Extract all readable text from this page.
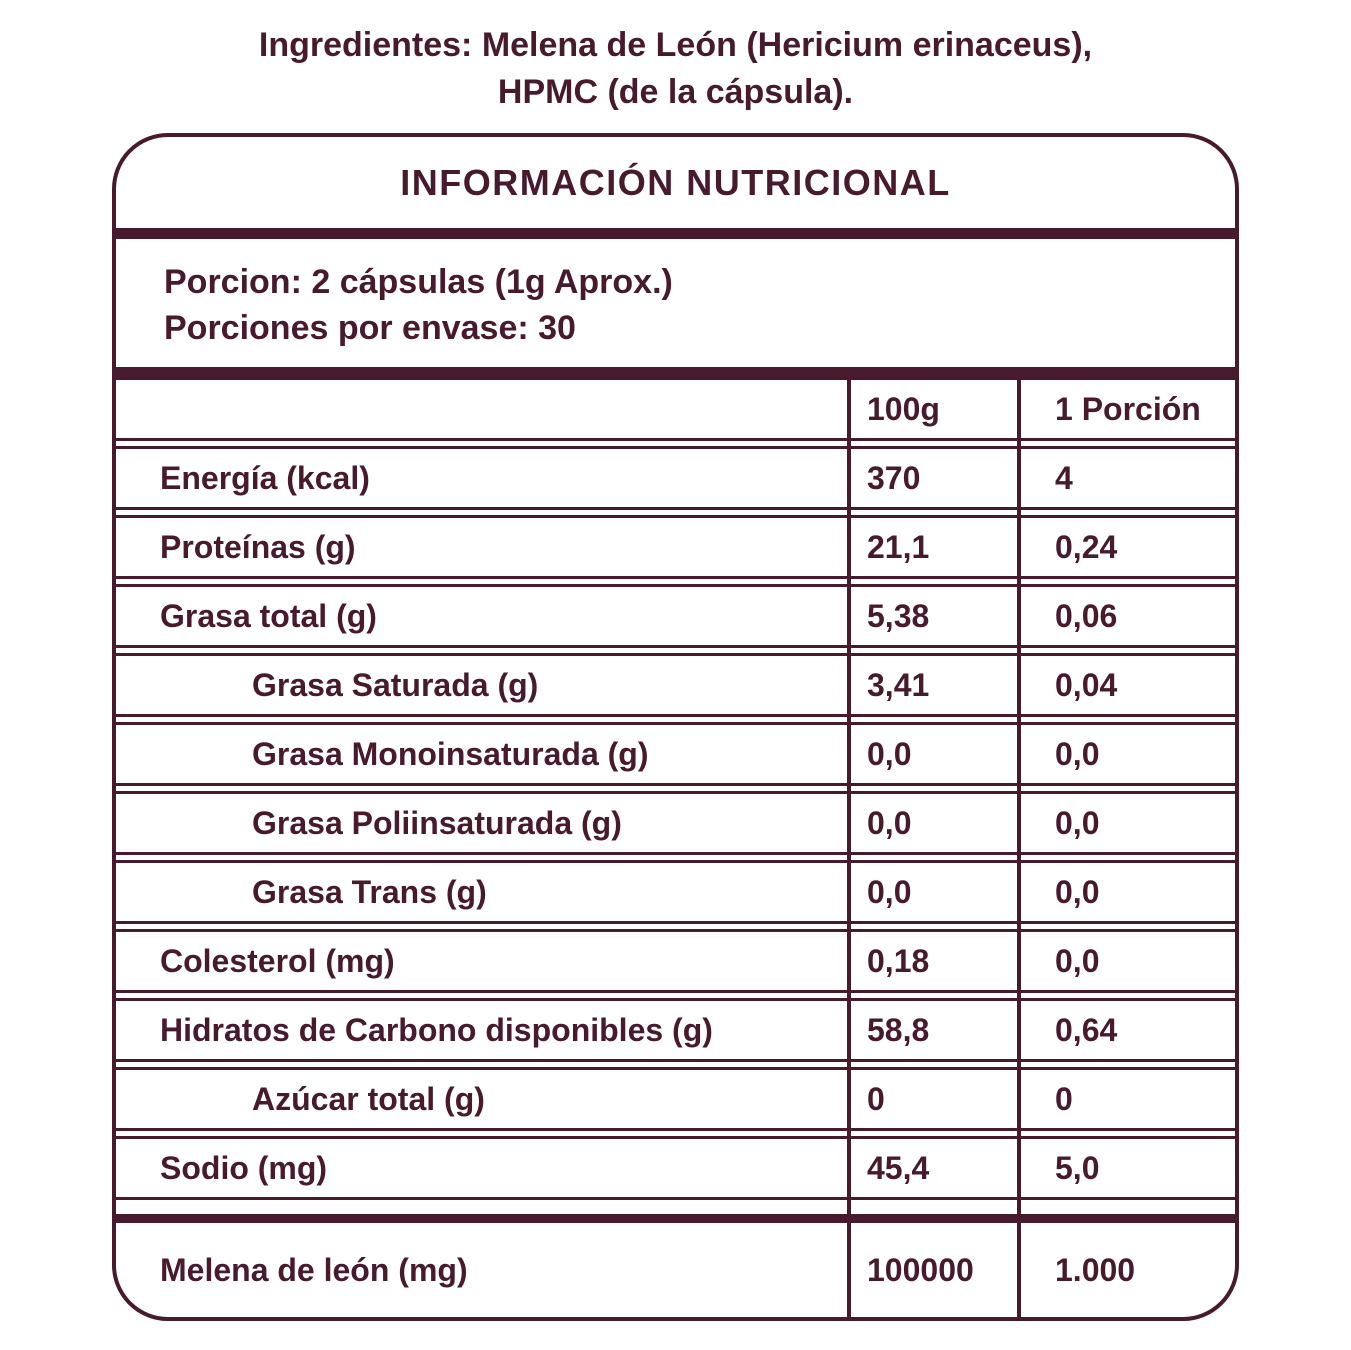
Ingredientes: Melena de León (Hericium erinaceus),
HPMC (de la cápsula).
INFORMACIÓN NUTRICIONAL
Porcion: 2 cápsulas (1g Aprox.)
Porciones por envase: 30
100g	1 Porción
Energía (kcal)	370	4
Proteínas (g)	21,1	0,24
Grasa total (g)	5,38	0,06
Grasa Saturada (g)	3,41	0,04
Grasa Monoinsaturada (g)	0,0	0,0
Grasa Poliinsaturada (g)	0,0	0,0
Grasa Trans (g)	0,0	0,0
Colesterol (mg)	0,18	0,0
Hidratos de Carbono disponibles (g)	58,8	0,64
Azúcar total (g)	0	0
Sodio (mg)	45,4	5,0
Melena de león (mg)	100000	1.000
